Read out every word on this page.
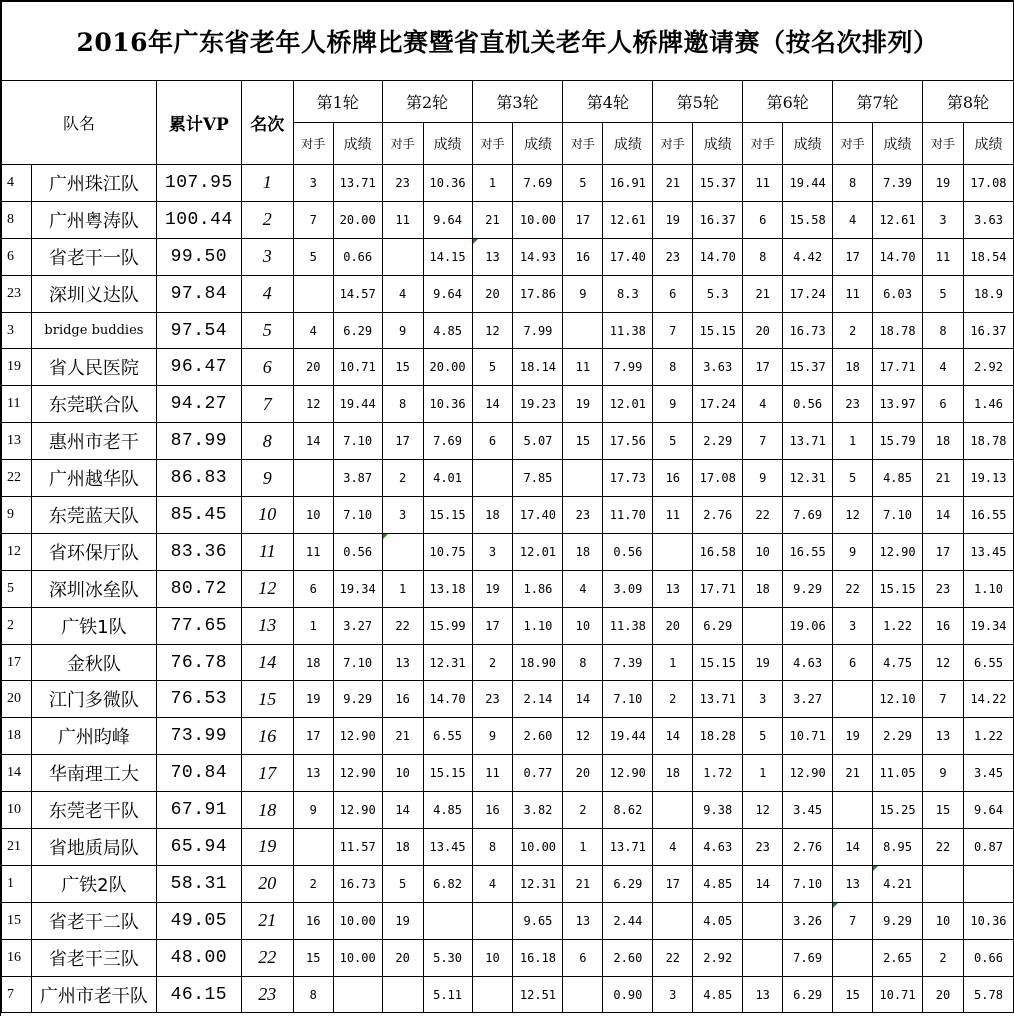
2016年广东省老年人桥牌比赛暨省直机关老年人桥牌邀请赛（按名次排列）																			
队名		累计VP	名次	第1轮		第2轮		第3轮		第4轮		第5轮		第6轮		第7轮		第8轮	
				对手	成绩	对手	成绩	对手	成绩	对手	成绩	对手	成绩	对手	成绩	对手	成绩	对手	成绩
4	广州珠江队	107.95	1	3	13.71	23	10.36	1	7.69	5	16.91	21	15.37	11	19.44	8	7.39	19	17.08
8	广州粤涛队	100.44	2	7	20.00	11	9.64	21	10.00	17	12.61	19	16.37	6	15.58	4	12.61	3	3.63
6	省老干一队	99.50	3	5	0.66		14.15	13	14.93	16	17.40	23	14.70	8	4.42	17	14.70	11	18.54
23	深圳义达队	97.84	4		14.57	4	9.64	20	17.86	9	8.3	6	5.3	21	17.24	11	6.03	5	18.9
3	bridge buddies	97.54	5	4	6.29	9	4.85	12	7.99		11.38	7	15.15	20	16.73	2	18.78	8	16.37
19	省人民医院	96.47	6	20	10.71	15	20.00	5	18.14	11	7.99	8	3.63	17	15.37	18	17.71	4	2.92
11	东莞联合队	94.27	7	12	19.44	8	10.36	14	19.23	19	12.01	9	17.24	4	0.56	23	13.97	6	1.46
13	惠州市老干	87.99	8	14	7.10	17	7.69	6	5.07	15	17.56	5	2.29	7	13.71	1	15.79	18	18.78
22	广州越华队	86.83	9		3.87	2	4.01		7.85		17.73	16	17.08	9	12.31	5	4.85	21	19.13
9	东莞蓝天队	85.45	10	10	7.10	3	15.15	18	17.40	23	11.70	11	2.76	22	7.69	12	7.10	14	16.55
12	省环保厅队	83.36	11	11	0.56		10.75	3	12.01	18	0.56		16.58	10	16.55	9	12.90	17	13.45
5	深圳冰垒队	80.72	12	6	19.34	1	13.18	19	1.86	4	3.09	13	17.71	18	9.29	22	15.15	23	1.10
2	广铁1队	77.65	13	1	3.27	22	15.99	17	1.10	10	11.38	20	6.29		19.06	3	1.22	16	19.34
17	金秋队	76.78	14	18	7.10	13	12.31	2	18.90	8	7.39	1	15.15	19	4.63	6	4.75	12	6.55
20	江门多微队	76.53	15	19	9.29	16	14.70	23	2.14	14	7.10	2	13.71	3	3.27		12.10	7	14.22
18	广州昀峰	73.99	16	17	12.90	21	6.55	9	2.60	12	19.44	14	18.28	5	10.71	19	2.29	13	1.22
14	华南理工大	70.84	17	13	12.90	10	15.15	11	0.77	20	12.90	18	1.72	1	12.90	21	11.05	9	3.45
10	东莞老干队	67.91	18	9	12.90	14	4.85	16	3.82	2	8.62		9.38	12	3.45		15.25	15	9.64
21	省地质局队	65.94	19		11.57	18	13.45	8	10.00	1	13.71	4	4.63	23	2.76	14	8.95	22	0.87
1	广铁2队	58.31	20	2	16.73	5	6.82	4	12.31	21	6.29	17	4.85	14	7.10	13	4.21		
15	省老干二队	49.05	21	16	10.00	19			9.65	13	2.44		4.05		3.26	7	9.29	10	10.36
16	省老干三队	48.00	22	15	10.00	20	5.30	10	16.18	6	2.60	22	2.92		7.69		2.65	2	0.66
7	广州市老干队	46.15	23	8			5.11		12.51		0.90	3	4.85	13	6.29	15	10.71	20	5.78
